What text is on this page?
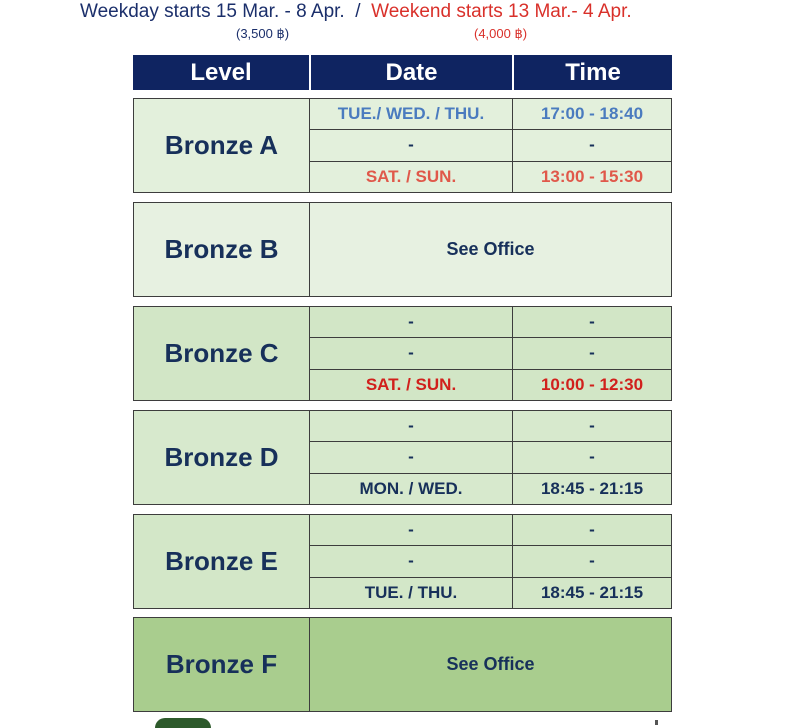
Weekday starts 15 Mar. - 8 Apr.  /  Weekend starts 13 Mar.- 4 Apr.
(3,500 ฿)	(4,000 ฿)
Level	Date	Time
Bronze A
TUE./ WED. / THU.	17:00 - 18:40
-	-
SAT. / SUN.	13:00 - 15:30
Bronze B	See Office
Bronze C
-	-
-	-
SAT. / SUN.	10:00 - 12:30
Bronze D
-	-
-	-
MON. / WED.	18:45 - 21:15
Bronze E
-	-
-	-
TUE. / THU.	18:45 - 21:15
Bronze F	See Office
